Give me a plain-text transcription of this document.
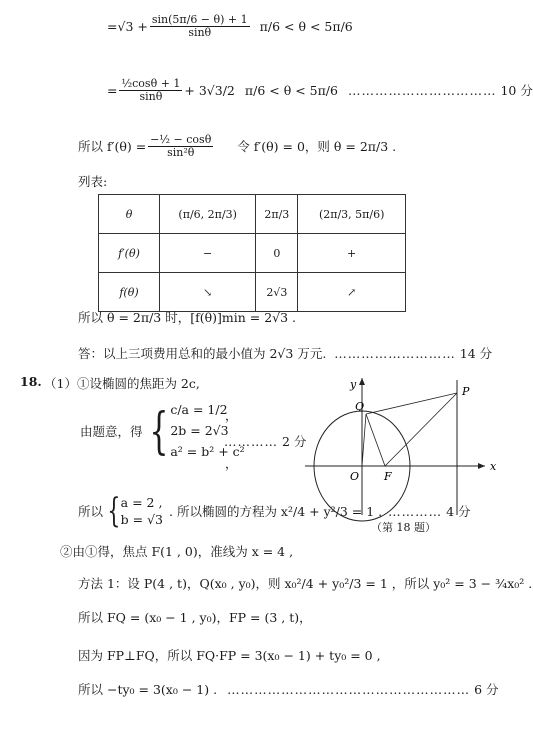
$=√3 + \frac{\sin(5\pi/6 - \theta) + 1}{\sin\theta} \pi/6 < \theta < 5\pi/6$
= $\frac{\text{½cosθ + 1}}{\sin\theta} + 3√3/2$ π/6 < θ < 5π/6 …………………………… 10 分
所以 $f'(\theta) = \frac{\text{−½ − cosθ}}{\text{sin²θ}}$ 令 f′(θ) = 0，则 θ = 2π/3 .
列表:
θ	(π/6, 2π/3)	2π/3	(2π/3, 5π/6)
f′(θ)	−	0	+
f(θ)	↘	2√3	↗
所以 θ = 2π/3 时，[f(θ)]min = 2√3 .
答：以上三项费用总和的最小值为 2√3 万元. ……………………… 14 分
18. （1）①设椭圆的焦距为 2c,
由题意，得 { c/a = 1/2
2b = 2√3
a² = b² + c²
，
，
………… 2 分
所以 { a = 2 ,
b = √3
. 所以椭圆的方程为 x²/4 + y²/3 = 1 . ………… 4 分
（第 18 题）
②由①得，焦点 F(1 , 0)，准线为 x = 4 ,
方法 1：设 P(4 , t)，Q(x₀ , y₀)，则 x₀²/4 + y₀²/3 = 1 ，所以 y₀² = 3 − ¾x₀² .
所以 FQ = (x₀ − 1 , y₀)，FP = (3 , t)，
因为 FP⊥FQ，所以 FQ·FP = 3(x₀ − 1) + ty₀ = 0 ,
所以 −ty₀ = 3(x₀ − 1) . ……………………………………………… 6 分
y
x
O F
Q
P
